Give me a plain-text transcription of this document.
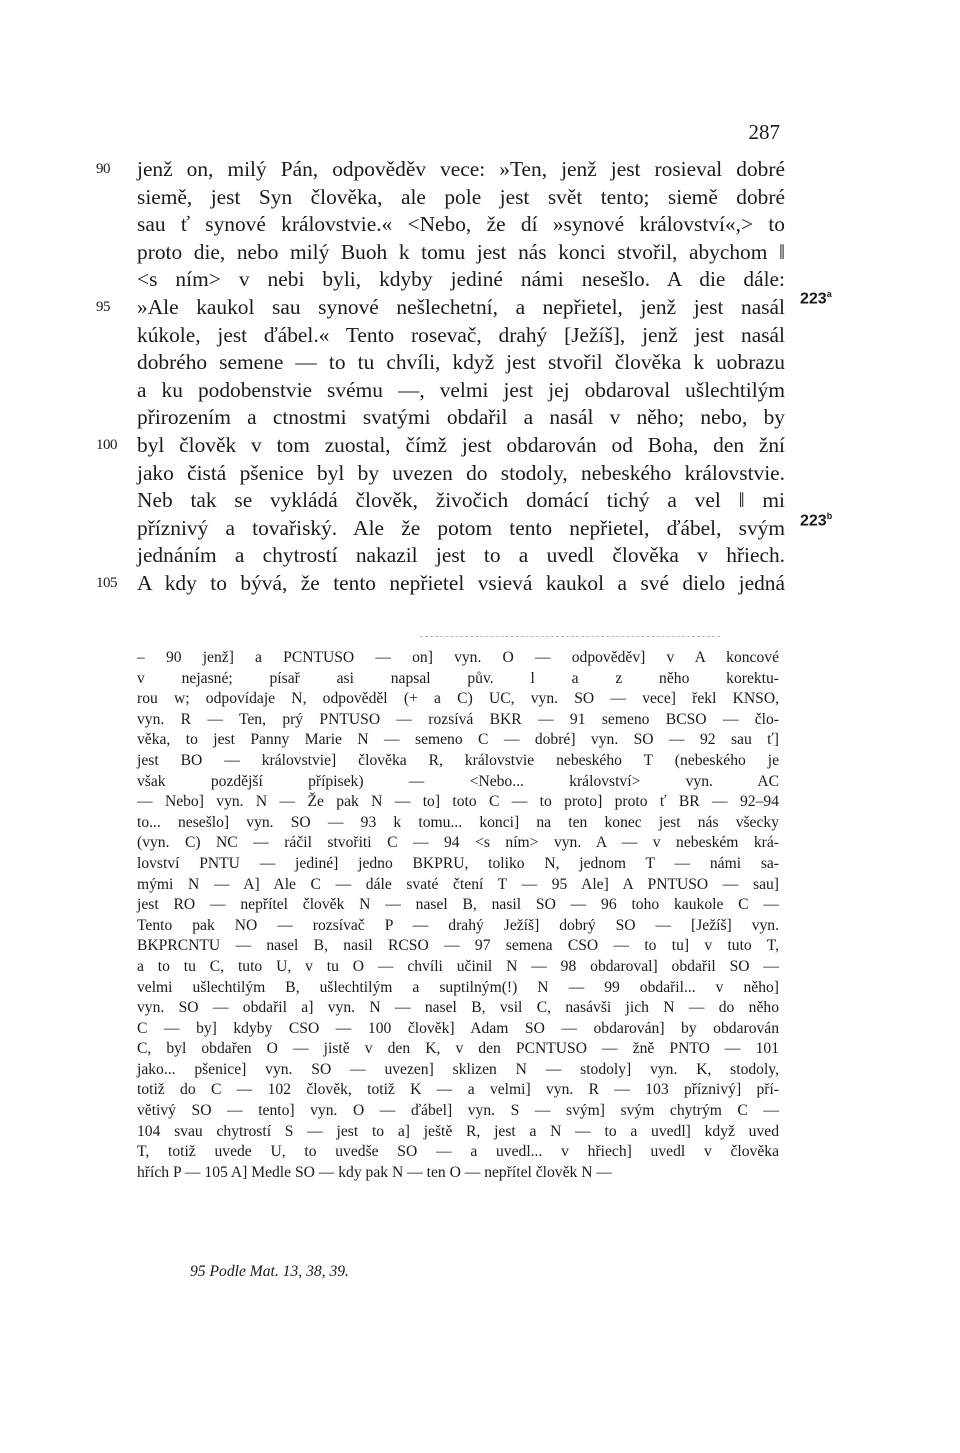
287
90	jenž on, milý Pán, odpověděv vece: »Ten, jenž jest rosieval dobré
siemě, jest Syn člověka, ale pole jest svět tento; siemě dobré
sau ť synové královstvie.« <Nebo, že dí »synové království«,> to
proto die, nebo milý Buoh k tomu jest nás konci stvořil, abychom ‖
<s ním> v nebi byli, kdyby jediné námi nesešlo. A die dále:
95	»Ale kaukol sau synové nešlechetní, a nepřietel, jenž jest nasál
kúkole, jest ďábel.« Tento rosevač, drahý [Ježíš], jenž jest nasál
dobrého semene — to tu chvíli, když jest stvořil člověka k uobrazu
a ku podobenstvie svému —, velmi jest jej obdaroval ušlechtilým
přirozením a ctnostmi svatými obdařil a nasál v něho; nebo, by
100 byl člověk v tom zuostal, čímž jest obdarován od Boha, den žní
jako čistá pšenice byl by uvezen do stodoly, nebeského královstvie.
Neb tak se vykládá člověk, živočich domácí tichý a vel ‖ mi
příznivý a tovařiský. Ale že potom tento nepřietel, ďábel, svým
jednáním a chytrostí nakazil jest to a uvedl člověka v hřiech.
105 A kdy to bývá, že tento nepřietel vsievá kaukol a své dielo jedná
223$^a$
223$^b$
– 90 jenž] a PCNTUSO — on] vyn. O — odpověděv] v A koncové
v nejasné; písař asi napsal pův. l a z něho korektu-
rou w; odpovídaje N, odpověděl (+ a C) UC, vyn. SO — vece] řekl KNSO,
vyn. R — Ten, prý PNTUSO — rozsívá BKR — 91 semeno BCSO — člo-
věka, to jest Panny Marie N — semeno C — dobré] vyn. SO — 92 sau ť]
jest BO — královstvie] člověka R, královstvie nebeského T (nebeského je
však pozdější přípisek) — <Nebo... království> vyn. AC
— Nebo] vyn. N — Že pak N — to] toto C — to proto] proto ť BR — 92–94
to... nesešlo] vyn. SO — 93 k tomu... konci] na ten konec jest nás všecky
(vyn. C) NC — ráčil stvořiti C — 94 <s ním> vyn. A — v nebeském krá-
lovství PNTU — jediné] jedno BKPRU, toliko N, jednom T — námi sa-
mými N — A] Ale C — dále svaté čtení T — 95 Ale] A PNTUSO — sau]
jest RO — nepřítel člověk N — nasel B, nasil SO — 96 toho kaukole C —
Tento pak NO — rozsívač P — drahý Ježíš] dobrý SO — [Ježíš] vyn.
BKPRCNTU — nasel B, nasil RCSO — 97 semena CSO — to tu] v tuto T,
a to tu C, tuto U, v tu O — chvíli učinil N — 98 obdaroval] obdařil SO —
velmi ušlechtilým B, ušlechtilým a suptilným(!) N — 99 obdařil... v něho]
vyn. SO — obdařil a] vyn. N — nasel B, vsil C, nasávši jich N — do něho
C — by] kdyby CSO — 100 člověk] Adam SO — obdarován] by obdarován
C, byl obdařen O — jistě v den K, v den PCNTUSO — žně PNTO — 101
jako... pšenice] vyn. SO — uvezen] sklizen N — stodoly] vyn. K, stodoly,
totiž do C — 102 člověk, totiž K — a velmi] vyn. R — 103 příznivý] pří-
větivý SO — tento] vyn. O — ďábel] vyn. S — svým] svým chytrým C —
104 svau chytrostí S — jest to a] ještě R, jest a N — to a uvedl] když uved
T, totiž uvede U, to uvedše SO — a uvedl... v hřiech] uvedl v člověka
hřích P — 105 A] Medle SO — kdy pak N — ten O — nepřítel člověk N —
95 Podle Mat. 13, 38, 39.
